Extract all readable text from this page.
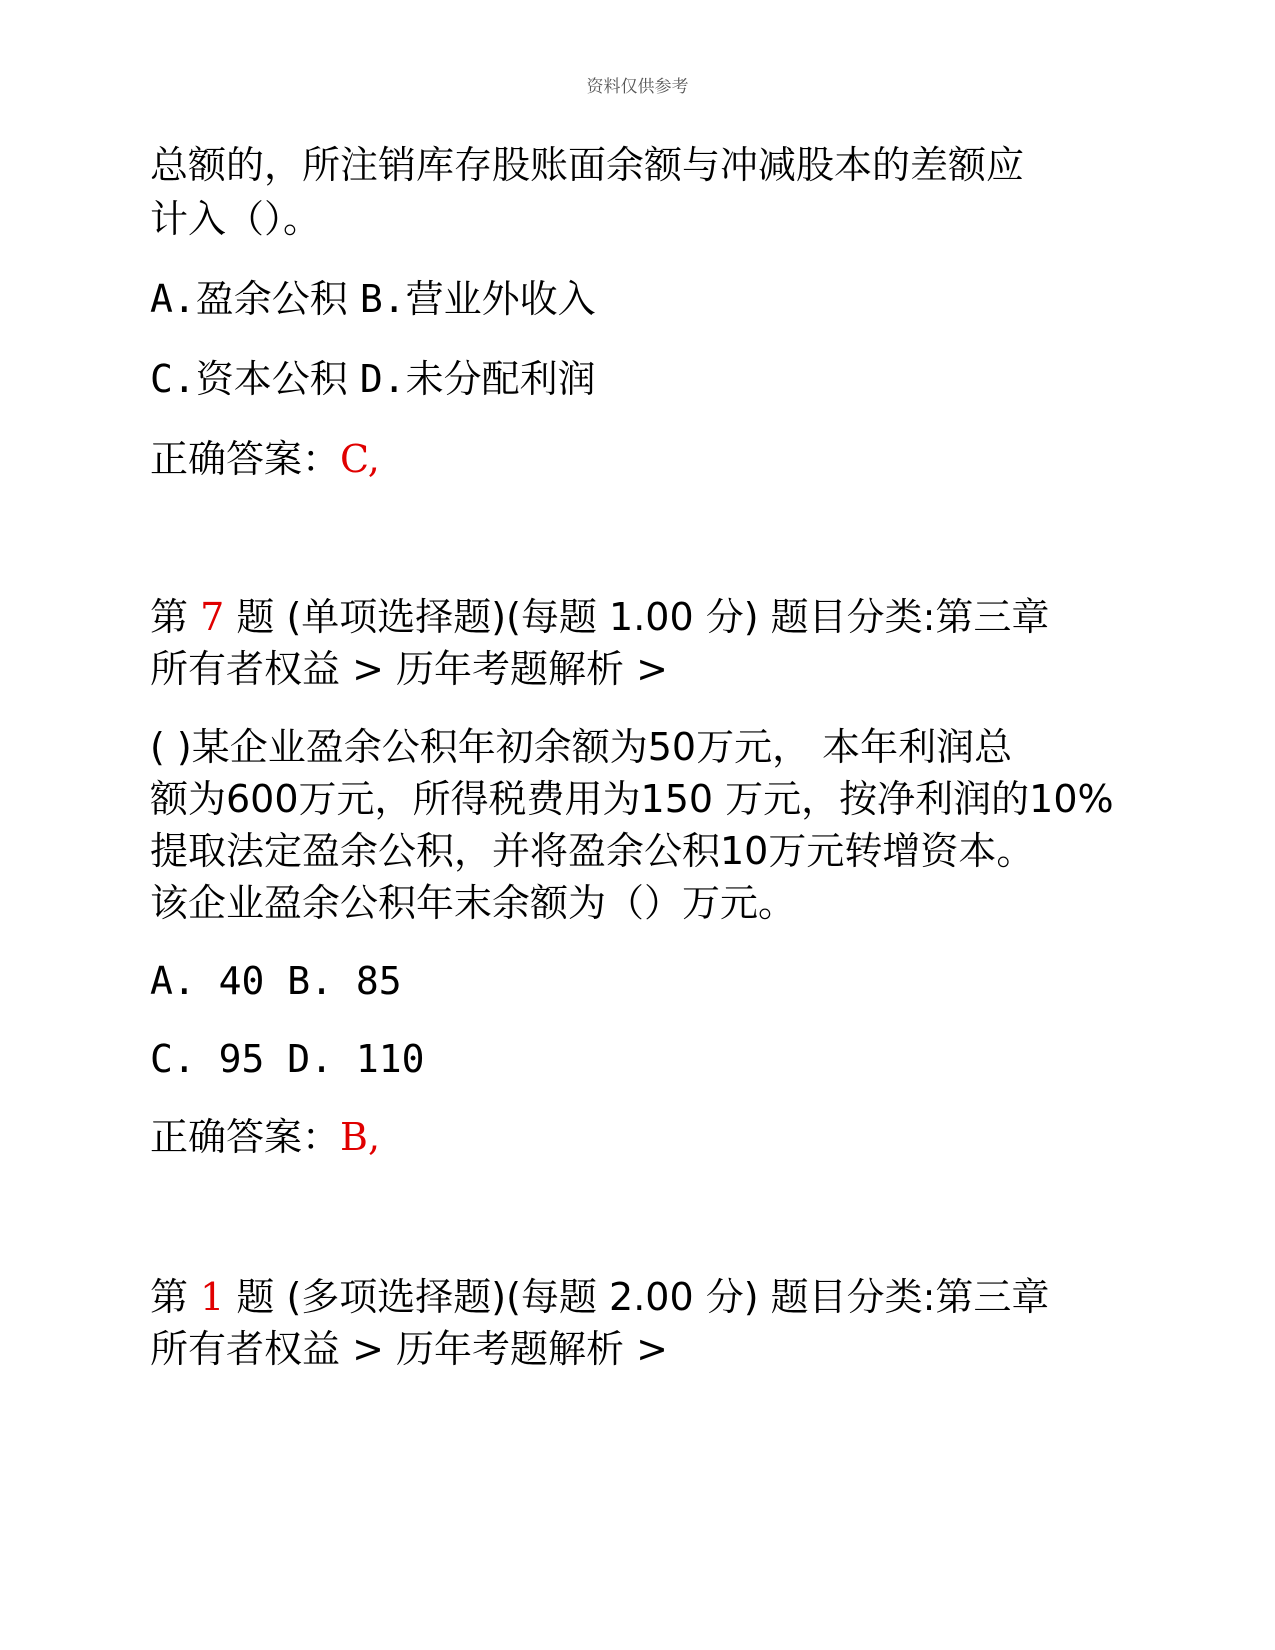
资料仅供参考
总额的，所注销库存股账面余额与冲减股本的差额应
计入（）。
A.盈余公积 B.营业外收入
C.资本公积 D.未分配利润
正确答案：C,
第 7 题 (单项选择题)(每题 1.00 分) 题目分类:第三章
所有者权益 > 历年考题解析 >
( )某企业盈余公积年初余额为50万元， 本年利润总
额为600万元，所得税费用为150 万元，按净利润的10%
提取法定盈余公积，并将盈余公积10万元转增资本。
该企业盈余公积年末余额为（）万元。
A. 40 B. 85
C. 95 D. 110
正确答案：B,
第 1 题 (多项选择题)(每题 2.00 分) 题目分类:第三章
所有者权益 > 历年考题解析 >
